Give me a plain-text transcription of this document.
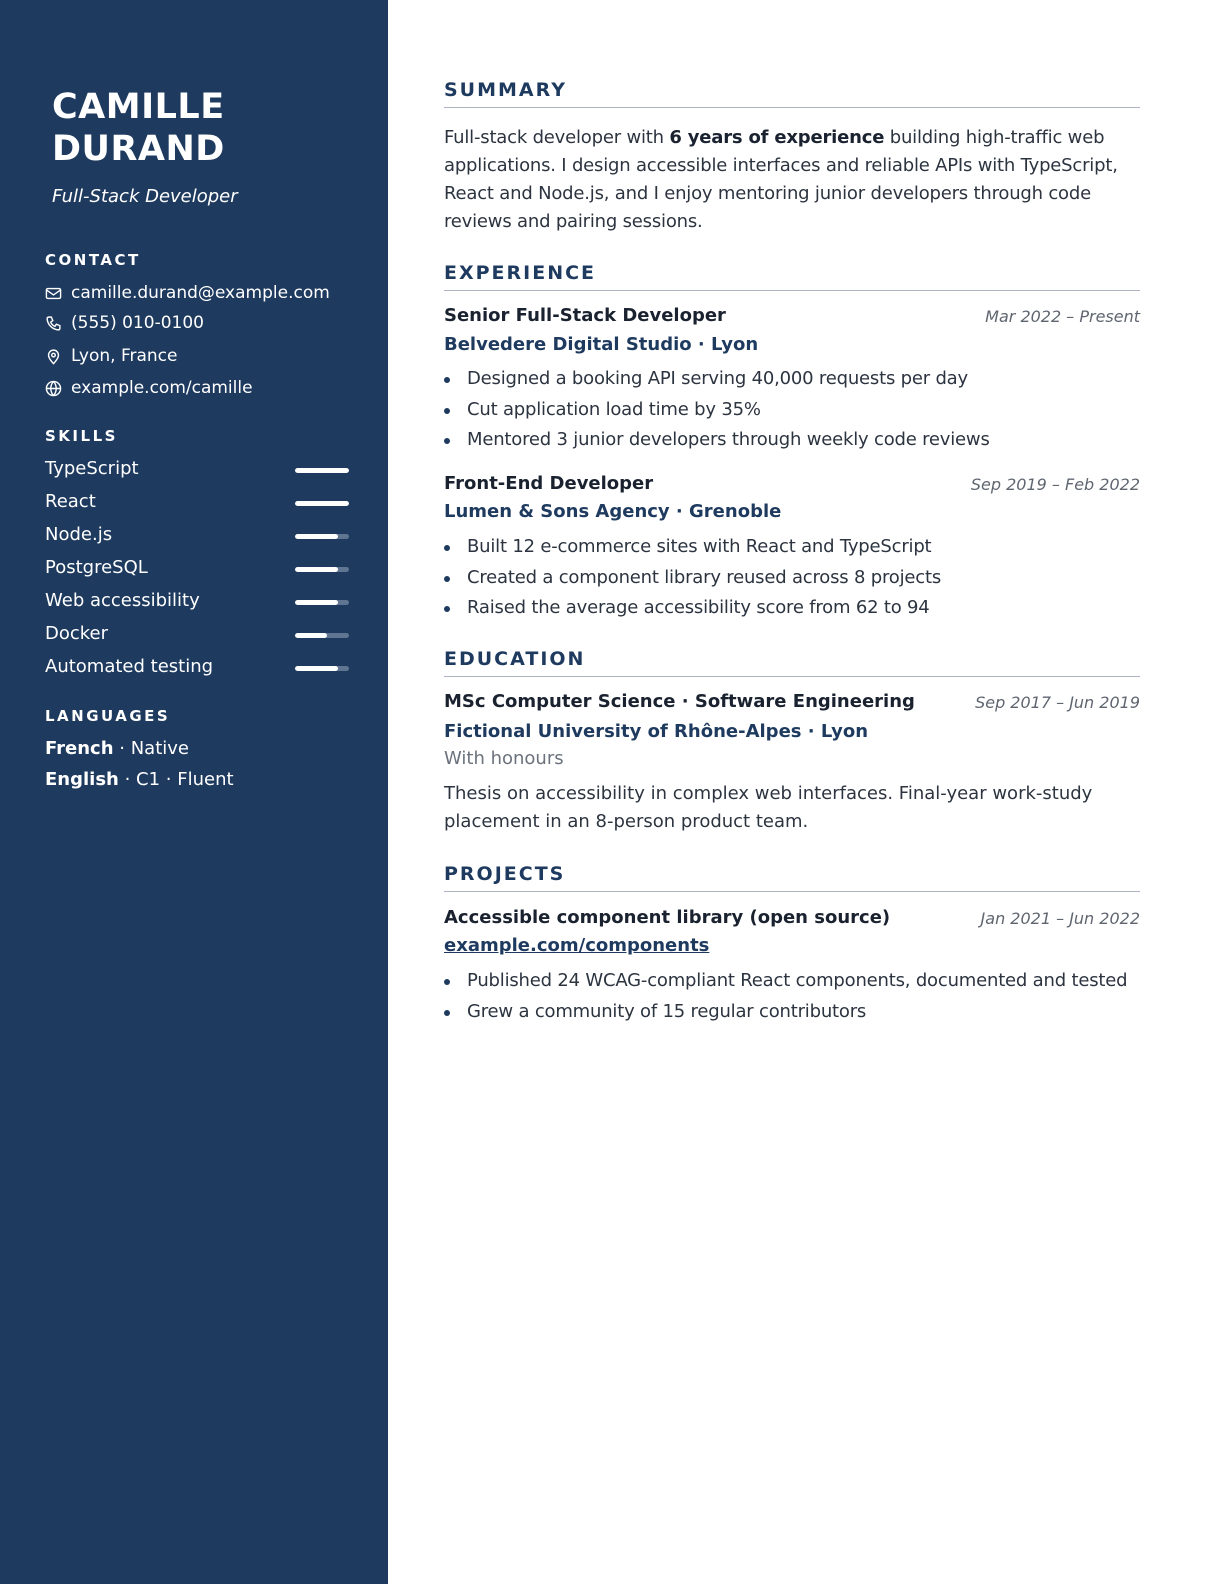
CAMILLE
DURAND
Full-Stack Developer
CONTACT
camille.durand@example.com
(555) 010-0100
Lyon, France
example.com/camille
SKILLS
TypeScript
React
Node.js
PostgreSQL
Web accessibility
Docker
Automated testing
LANGUAGES
French · Native
English · C1 · Fluent
SUMMARY

Full-stack developer with 6 years of experience building high-traffic web applications. I design accessible interfaces and reliable APIs with TypeScript, React and Node.js, and I enjoy mentoring junior developers through code reviews and pairing sessions.

EXPERIENCE
Senior Full-Stack Developer	Mar 2022 – Present
Belvedere Digital Studio · Lyon
Designed a booking API serving 40,000 requests per day
Cut application load time by 35%
Mentored 3 junior developers through weekly code reviews
Front-End Developer	Sep 2019 – Feb 2022
Lumen & Sons Agency · Grenoble
Built 12 e-commerce sites with React and TypeScript
Created a component library reused across 8 projects
Raised the average accessibility score from 62 to 94
EDUCATION
MSc Computer Science · Software Engineering	Sep 2017 – Jun 2019
Fictional University of Rhône-Alpes · Lyon
With honours

Thesis on accessibility in complex web interfaces. Final-year work-study placement in an 8-person product team.

PROJECTS
Accessible component library (open source)	Jan 2021 – Jun 2022
example.com/components
Published 24 WCAG-compliant React components, documented and tested
Grew a community of 15 regular contributors
